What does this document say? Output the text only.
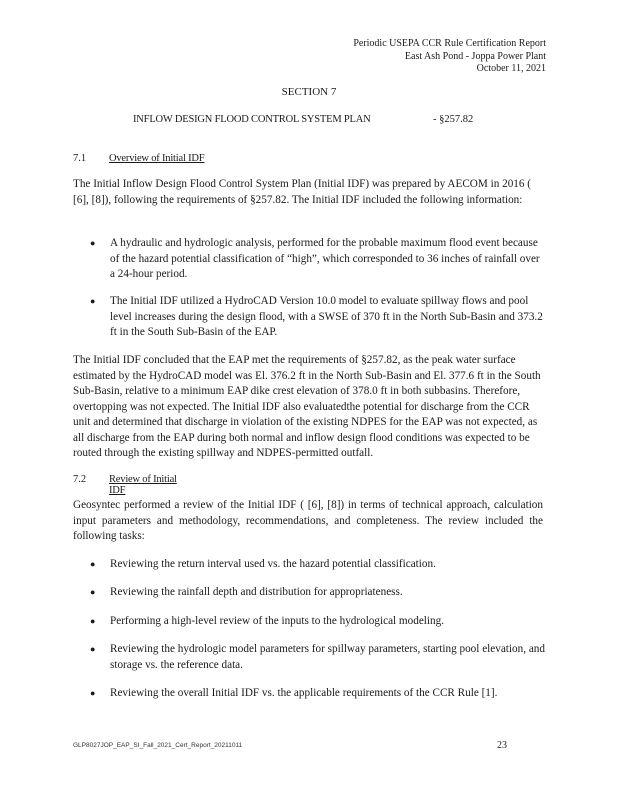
Periodic USEPA CCR Rule Certification Report
East Ash Pond - Joppa Power Plant
October 11, 2021
SECTION 7
INFLOW DESIGN FLOOD CONTROL SYSTEM PLAN	- §257.82
7.1 Overview of Initial IDF
The Initial Inflow Design Flood Control System Plan (Initial IDF) was prepared by AECOM in 2016 ( [6], [8]), following the requirements of §257.82. The Initial IDF included the following information:
● A hydraulic and hydrologic analysis, performed for the probable maximum flood event because of the hazard potential classification of “high”, which corresponded to 36 inches of rainfall over a 24-hour period.
● The Initial IDF utilized a HydroCAD Version 10.0 model to evaluate spillway flows and pool level increases during the design flood, with a SWSE of 370 ft in the North Sub-Basin and 373.2 ft in the South Sub-Basin of the EAP.
The Initial IDF concluded that the EAP met the requirements of §257.82, as the peak water surface estimated by the HydroCAD model was El. 376.2 ft in the North Sub-Basin and El. 377.6 ft in the South Sub-Basin, relative to a minimum EAP dike crest elevation of 378.0 ft in both subbasins. Therefore, overtopping was not expected. The Initial IDF also evaluatedthe potential for discharge from the CCR unit and determined that discharge in violation of the existing NDPES for the EAP was not expected, as all discharge from the EAP during both normal and inflow design flood conditions was expected to be routed through the existing spillway and NDPES-permitted outfall.
7.2 Review of Initial IDF
Geosyntec performed a review of the Initial IDF ( [6], [8]) in terms of technical approach, calculation input parameters and methodology, recommendations, and completeness. The review included the following tasks:
● Reviewing the return interval used vs. the hazard potential classification.
● Reviewing the rainfall depth and distribution for appropriateness.
● Performing a high-level review of the inputs to the hydrological modeling.
● Reviewing the hydrologic model parameters for spillway parameters, starting pool elevation, and storage vs. the reference data.
● Reviewing the overall Initial IDF vs. the applicable requirements of the CCR Rule [1].
GLP8027JOP_EAP_SI_Fall_2021_Cert_Report_20211011	23
